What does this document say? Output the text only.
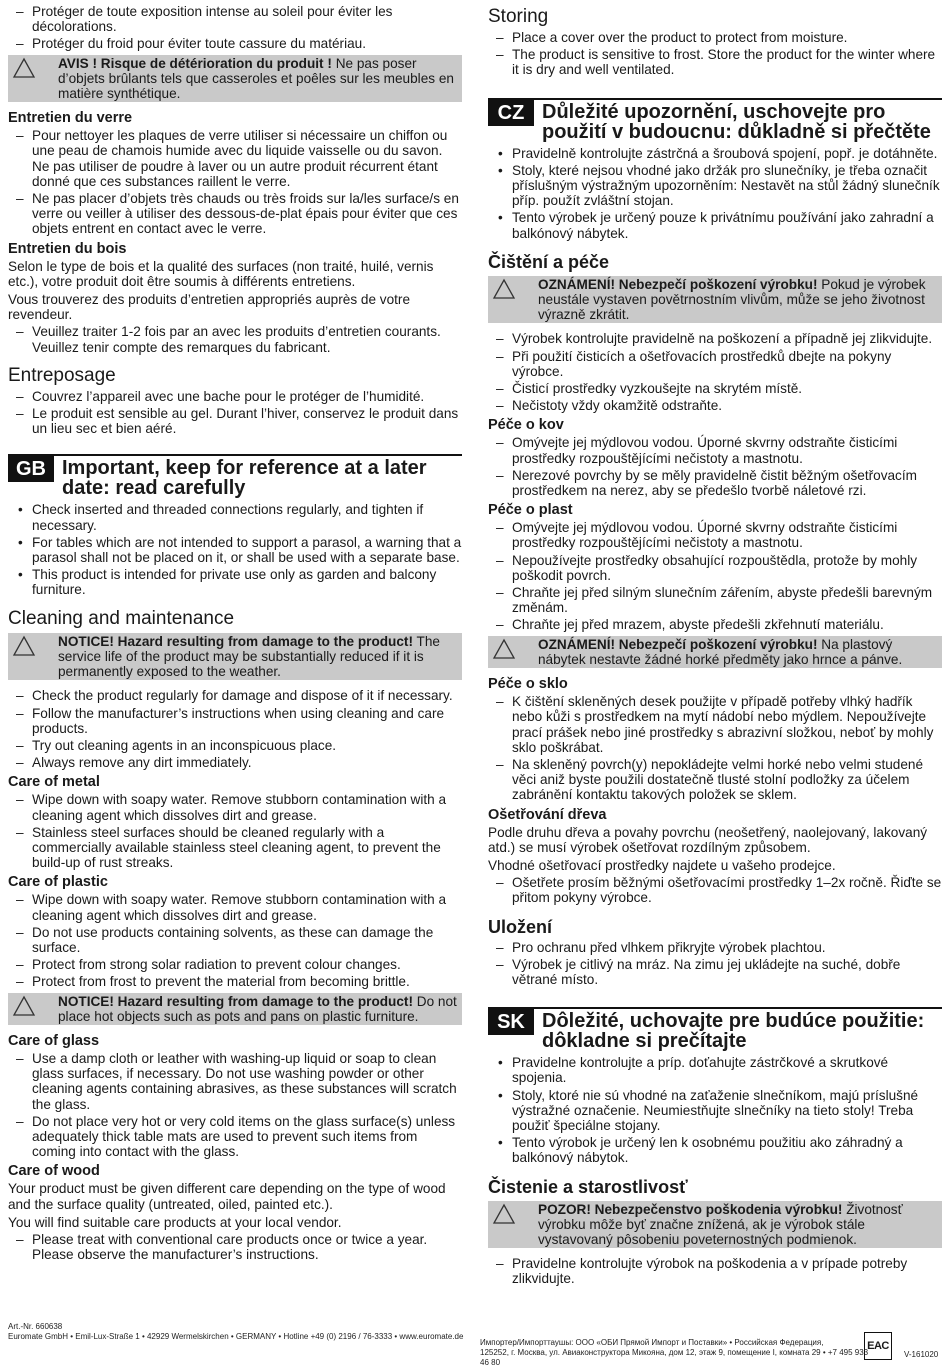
– Protéger de toute exposition intense au soleil pour éviter les décolorations.
– Protéger du froid pour éviter toute cassure du matériau.
AVIS ! Risque de détérioration du produit ! Ne pas poser d’objets brûlants tels que casseroles et poêles sur les meubles en matière synthétique.
Entretien du verre
– Pour nettoyer les plaques de verre utiliser si nécessaire un chiffon ou une peau de chamois humide avec du liquide vaisselle ou du savon. Ne pas utiliser de poudre à laver ou un autre produit récurrent étant donné que ces substances raillent le verre.
– Ne pas placer d’objets très chauds ou très froids sur la/les surface/s en verre ou veiller à utiliser des dessous-de-plat épais pour éviter que ces objets entrent en contact avec le verre.
Entretien du bois

Selon le type de bois et la qualité des surfaces (non traité, huilé, vernis etc.), votre produit doit être soumis à différents entretiens.

Vous trouverez des produits d’entretien appropriés auprès de votre revendeur.

– Veuillez traiter 1-2 fois par an avec les produits d’entretien courants. Veuillez tenir compte des remarques du fabricant.
Entreposage
– Couvrez l’appareil avec une bache pour le protéger de l’humidité.
– Le produit est sensible au gel. Durant l’hiver, conservez le produit dans un lieu sec et bien aéré.
GB Important, keep for reference at a later date: read carefully
• Check inserted and threaded connections regularly, and tighten if necessary.
• For tables which are not intended to support a parasol, a warning that a parasol shall not be placed on it, or shall be used with a separate base.
• This product is intended for private use only as garden and balcony furniture.
Cleaning and maintenance
NOTICE! Hazard resulting from damage to the product! The service life of the product may be substantially reduced if it is permanently exposed to the weather.
– Check the product regularly for damage and dispose of it if necessary.
– Follow the manufacturer’s instructions when using cleaning and care products.
– Try out cleaning agents in an inconspicuous place.
– Always remove any dirt immediately.
Care of metal
– Wipe down with soapy water. Remove stubborn contamination with a cleaning agent which dissolves dirt and grease.
– Stainless steel surfaces should be cleaned regularly with a commercially available stainless steel cleaning agent, to prevent the build-up of rust streaks.
Care of plastic
– Wipe down with soapy water. Remove stubborn contamination with a cleaning agent which dissolves dirt and grease.
– Do not use products containing solvents, as these can damage the surface.
– Protect from strong solar radiation to prevent colour changes.
– Protect from frost to prevent the material from becoming brittle.
NOTICE! Hazard resulting from damage to the product! Do not place hot objects such as pots and pans on plastic furniture.
Care of glass
– Use a damp cloth or leather with washing-up liquid or soap to clean glass surfaces, if necessary. Do not use washing powder or other cleaning agents containing abrasives, as these substances will scratch the glass.
– Do not place very hot or very cold items on the glass surface(s) unless adequately thick table mats are used to prevent such items from coming into contact with the glass.
Care of wood

Your product must be given different care depending on the type of wood and the surface quality (untreated, oiled, painted etc.).

You will find suitable care products at your local vendor.

– Please treat with conventional care products once or twice a year. Please observe the manufacturer’s instructions.
Storing
– Place a cover over the product to protect from moisture.
– The product is sensitive to frost. Store the product for the winter where it is dry and well ventilated.
CZ Důležité upozornění, uschovejte pro použití v budoucnu: důkladně si přečtěte
• Pravidelně kontrolujte zástrčná a šroubová spojení, popř. je dotáhněte.
• Stoly, které nejsou vhodné jako držák pro slunečníky, je třeba označit příslušným výstražným upozorněním: Nestavět na stůl žádný slunečník příp. použít zvláštní stojan.
• Tento výrobek je určený pouze k privátnímu používání jako zahradní a balkónový nábytek.
Čištění a péče
OZNÁMENÍ! Nebezpečí poškození výrobku! Pokud je výrobek neustále vystaven povětrnostním vlivům, může se jeho životnost výrazně zkrátit.
– Výrobek kontrolujte pravidelně na poškození a případně jej zlikvidujte.
– Při použití čisticích a ošetřovacích prostředků dbejte na pokyny výrobce.
– Čisticí prostředky vyzkoušejte na skrytém místě.
– Nečistoty vždy okamžitě odstraňte.
Péče o kov
– Omývejte jej mýdlovou vodou. Úporné skvrny odstraňte čisticími prostředky rozpouštějícími nečistoty a mastnotu.
– Nerezové povrchy by se měly pravidelně čistit běžným ošetřovacím prostředkem na nerez, aby se předešlo tvorbě náletové rzi.
Péče o plast
– Omývejte jej mýdlovou vodou. Úporné skvrny odstraňte čisticími prostředky rozpouštějícími nečistoty a mastnotu.
– Nepoužívejte prostředky obsahující rozpouštědla, protože by mohly poškodit povrch.
– Chraňte jej před silným slunečním zářením, abyste předešli barevným změnám.
– Chraňte jej před mrazem, abyste předešli zkřehnutí materiálu.
OZNÁMENÍ! Nebezpečí poškození výrobku! Na plastový nábytek nestavte žádné horké předměty jako hrnce a pánve.
Péče o sklo
– K čištění skleněných desek použijte v případě potřeby vlhký hadřík nebo kůži s prostředkem na mytí nádobí nebo mýdlem. Nepoužívejte prací prášek nebo jiné prostředky s abrazivní složkou, neboť by mohly sklo poškrábat.
– Na skleněný povrch(y) nepokládejte velmi horké nebo velmi studené věci aniž byste použili dostatečně tlusté stolní podložky za účelem zabránění kontaktu takových položek se sklem.
Ošetřování dřeva

Podle druhu dřeva a povahy povrchu (neošetřený, naolejovaný, lakovaný atd.) se musí výrobek ošetřovat rozdílným způsobem.

Vhodné ošetřovací prostředky najdete u vašeho prodejce.

– Ošetřete prosím běžnými ošetřovacími prostředky 1–2x ročně. Řiďte se přitom pokyny výrobce.
Uložení
– Pro ochranu před vlhkem přikryjte výrobek plachtou.
– Výrobek je citlivý na mráz. Na zimu jej ukládejte na suché, dobře větrané místo.
SK Dôležité, uchovajte pre budúce použitie: dôkladne si prečítajte
• Pravidelne kontrolujte a príp. doťahujte zástrčkové a skrutkové spojenia.
• Stoly, ktoré nie sú vhodné na zaťaženie slnečníkom, majú príslušné výstražné označenie. Neumiestňujte slnečníky na tieto stoly! Treba použiť špeciálne stojany.
• Tento výrobok je určený len k osobnému použitiu ako záhradný a balkónový nábytok.
Čistenie a starostlivosť
POZOR! Nebezpečenstvo poškodenia výrobku! Životnosť výrobku môže byť značne znížená, ak je výrobok stále vystavovaný pôsobeniu poveternostných podmienok.
– Pravidelne kontrolujte výrobok na poškodenia a v prípade potreby zlikvidujte.
Art.-Nr. 660638
Euromate GmbH • Emil-Lux-Straße 1 • 42929 Wermelskirchen • GERMANY • Hotline +49 (0) 2196 / 76-3333 • www.euromate.de
Импортер/Импорттаушы: ООО «ОБИ Прямой Импорт и Поставки» • Российская Федерация,
125252, г. Москва, ул. Авиаконструктора Микояна, дом 12, этаж 9, помещение I, комната 29 • +7 495 933 46 80
EAC
V-161020
